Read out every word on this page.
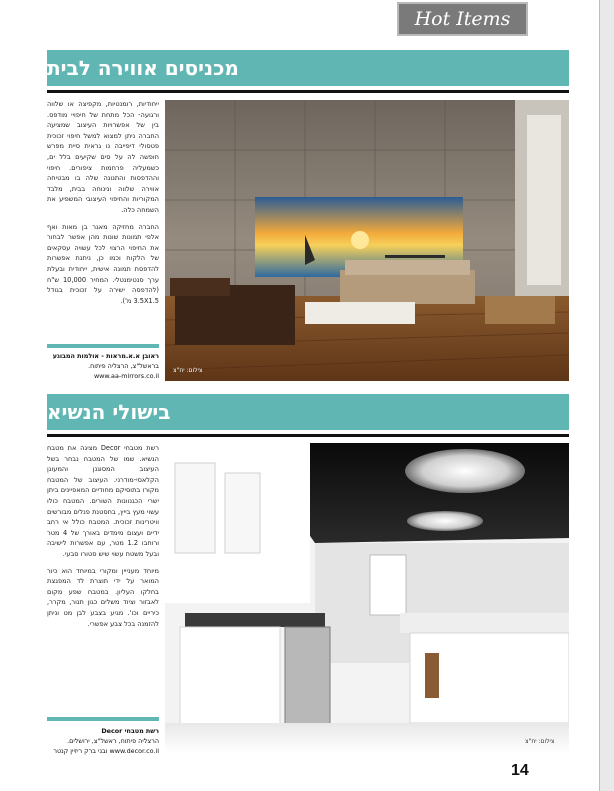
Hot Items
מכניסים אווירה לבית

ייחודיות, רומנטיות, מקפיצה או שלווה ורגועה- הכל מתחת של חיפויי מודפס. בין של אפשרויות העיצוב שמציעה החברה ניתן למצוא למשל חיפוי זכוכית פטסולי דיפייבה נו גראית סיית מפרש חופשה לה על סים שקיעים בלל ים, כשמעליה פרחמות ציפורים. חיפוי וההדפסות והתנונה שלה בו מבטיחה אווירה שלווה ונינוחה בבית, מלבד המקוריות והחיפוי העיצובי המשפיע את השמחה כלה.

החברה מחזיקה מאגר בן מאות ואף אלפי תמונות שונות מהן אפשר לבחור את החיפוי הרצוי לכל עשויה עסקאים של הלקוח וכמו כן, ניתנת אפשרות להדפסת תמונה אישית, ייחודית ובעלת ערך סנטימנטלי. המחיר 10,000 ש"ח (להדפסה ישירה על זכוכית בגודל 3.5X1.5 מ').

ראובן א.א.מראות - אולמות המבוגע
בראשל"צ, הרצליה פיתוח.
www.aa-mirrors.co.il
צילום: יח"צ
בישולי הנשיא

רשת מטבחי Decor מציגה את מטבח הנשיא. שמו של המטבח נבחר בשל העיצוב המסוגנן והמעוגן הקלאסי-מודרני. העיצוב של המטבח מקורו בתוסיקם מחודיים המאפיינים ביתן ישרי הכגנוונות השורים. המטבח כולו עשוי מעץ בייץ, בחסטנת פנלים מבורשים וויטרינות זכוכית. המטבח כולל אי רחב ידיים ועצום מימדים באורך של 4 מטר ורוחבו 1.2 מטר, עם אפשרות לישיבה ובעל משטח עשוי שיש סטורו סבעי.

מיוחד מענייין ומקורי במיוחד הוא כיור המואר על ידי תוצרת לד המפגצת בחלקו העליון. במטבח שפע מקום לאבזור וציוד משלים כגון תנור, מקרר, כיריים וכו'. מגיע בצבע לבן מט וניתן להזמנה בכל צבע אפשרי.

רשת מטבחי Decor
הרצליה פיתוח, ראשל"צ, ירושלים.
www.decor.co.il ובני ברק ריזיין קנטר
צילום: יח"צ
14
